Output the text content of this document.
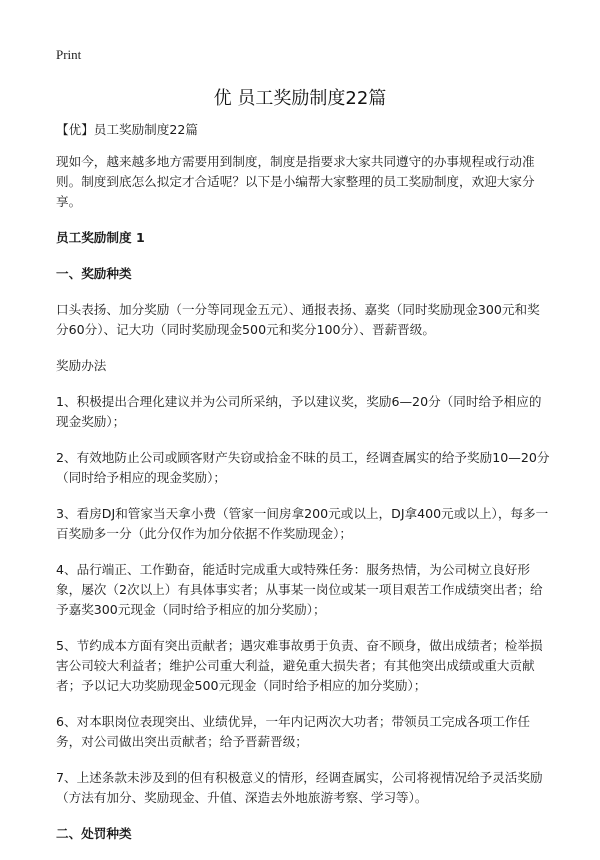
Print
优 员工奖励制度22篇

【优】员工奖励制度22篇

现如今，越来越多地方需要用到制度，制度是指要求大家共同遵守的办事规程或行动准则。制度到底怎么拟定才合适呢？以下是小编帮大家整理的员工奖励制度，欢迎大家分享。

员工奖励制度 1

一、奖励种类

口头表扬、加分奖励（一分等同现金五元）、通报表扬、嘉奖（同时奖励现金300元和奖分60分）、记大功（同时奖励现金500元和奖分100分）、晋薪晋级。

奖励办法

1、积极提出合理化建议并为公司所采纳，予以建议奖，奖励6—20分（同时给予相应的现金奖励）；

2、有效地防止公司或顾客财产失窃或拾金不昧的员工，经调查属实的给予奖励10—20分（同时给予相应的现金奖励）；

3、看房DJ和管家当天拿小费（管家一间房拿200元或以上，DJ拿400元或以上），每多一百奖励多一分（此分仅作为加分依据不作奖励现金）；

4、品行端正、工作勤奋，能适时完成重大或特殊任务：服务热情，为公司树立良好形象，屡次（2次以上）有具体事实者；从事某一岗位或某一项目艰苦工作成绩突出者；给予嘉奖300元现金（同时给予相应的加分奖励）；

5、节约成本方面有突出贡献者；遇灾难事故勇于负责、奋不顾身，做出成绩者；检举损害公司较大利益者；维护公司重大利益，避免重大损失者；有其他突出成绩或重大贡献者；予以记大功奖励现金500元现金（同时给予相应的加分奖励）；

6、对本职岗位表现突出、业绩优异，一年内记两次大功者；带领员工完成各项工作任务，对公司做出突出贡献者；给予晋薪晋级；

7、上述条款未涉及到的但有积极意义的情形，经调查属实，公司将视情况给予灵活奖励（方法有加分、奖励现金、升值、深造去外地旅游考察、学习等）。

二、处罚种类
